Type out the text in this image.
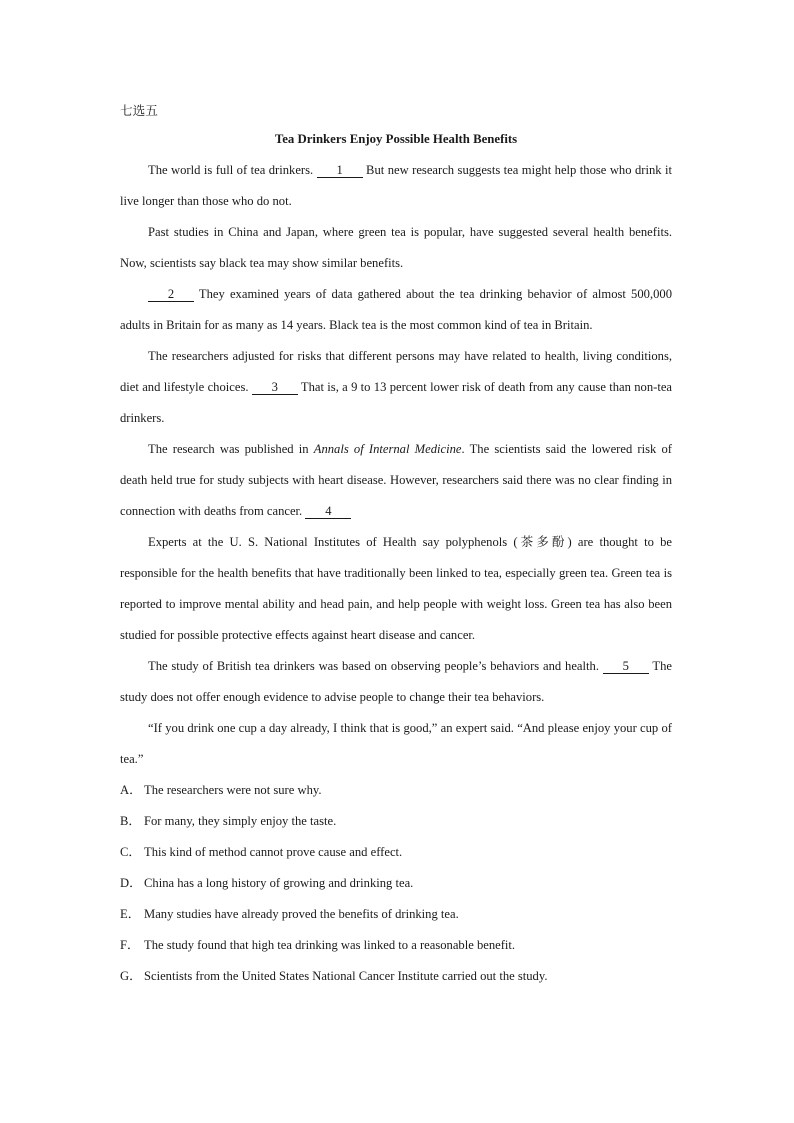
七选五

Tea Drinkers Enjoy Possible Health Benefits

The world is full of tea drinkers. 1 But new research suggests tea might help those who drink it live longer than those who do not.

Past studies in China and Japan, where green tea is popular, have suggested several health benefits. Now, scientists say black tea may show similar benefits.

2 They examined years of data gathered about the tea drinking behavior of almost 500,000 adults in Britain for as many as 14 years. Black tea is the most common kind of tea in Britain.

The researchers adjusted for risks that different persons may have related to health, living conditions, diet and lifestyle choices. 3 That is, a 9 to 13 percent lower risk of death from any cause than non-tea drinkers.

The research was published in Annals of Internal Medicine. The scientists said the lowered risk of death held true for study subjects with heart disease. However, researchers said there was no clear finding in connection with deaths from cancer. 4

Experts at the U. S. National Institutes of Health say polyphenols (茶多酚) are thought to be responsible for the health benefits that have traditionally been linked to tea, especially green tea. Green tea is reported to improve mental ability and head pain, and help people with weight loss. Green tea has also been studied for possible protective effects against heart disease and cancer.

The study of British tea drinkers was based on observing people’s behaviors and health. 5 The study does not offer enough evidence to advise people to change their tea behaviors.

“If you drink one cup a day already, I think that is good,” an expert said. “And please enjoy your cup of tea.”

A． The researchers were not sure why.
B． For many, they simply enjoy the taste.
C． This kind of method cannot prove cause and effect.
D． China has a long history of growing and drinking tea.
E． Many studies have already proved the benefits of drinking tea.
F． The study found that high tea drinking was linked to a reasonable benefit.
G． Scientists from the United States National Cancer Institute carried out the study.
